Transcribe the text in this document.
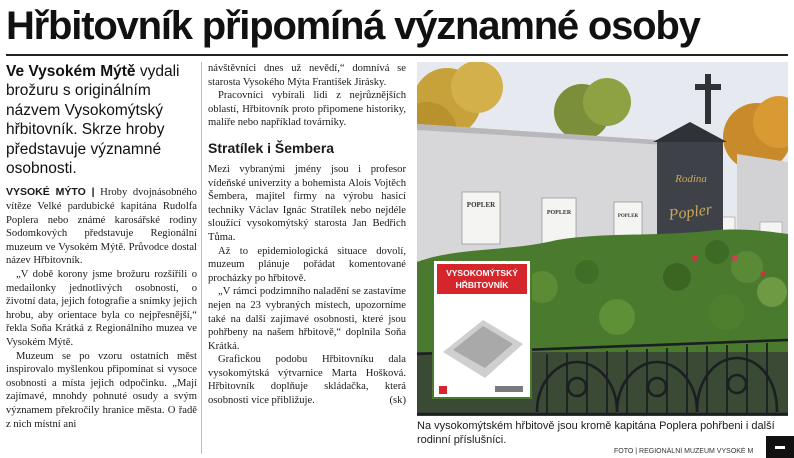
Hřbitovník připomíná významné osoby
Ve Vysokém Mýtě vydali brožuru s originálním názvem Vysokomýtský hřbitovník. Skrze hroby představuje významné osobnosti.

VYSOKÉ MÝTO | Hroby dvojnásobného vítěze Velké pardubické kapitána Rudolfa Poplera nebo známé karosářské rodiny Sodomkových představuje Regionální muzeum ve Vysokém Mýtě. Průvodce dostal název Hřbitovník.

„V době korony jsme brožuru rozšířili o medailonky jednotlivých osobností, o životní data, jejich fotografie a snímky jejich hrobu, aby orientace byla co nejpřesnější,“ řekla Soňa Krátká z Regionálního muzea ve Vysokém Mýtě.

Muzeum se po vzoru ostatních měst inspirovalo myšlenkou připomínat si vysoce osobnosti a místa jejich odpočinku. „Mají zajímavé, mnohdy pohnuté osudy a svým významem překročily hranice města. O řadě z nich místní ani

návštěvníci dnes už nevědí,“ domnívá se starosta Vysokého Mýta František Jirásky.

Pracovníci vybírali lidi z nejrůznějších oblastí, Hřbitovník proto připomene historiky, malíře nebo například továrníky.

Stratílek i Šembera

Mezi vybranými jmény jsou i profesor vídeňské univerzity a bohemista Alois Vojtěch Šembera, majitel firmy na výrobu hasicí techniky Václav Ignác Stratílek nebo nejdéle sloužící vysokomýtský starosta Jan Bedřich Tůma.

Až to epidemiologická situace dovolí, muzeum plánuje pořádat komentované procházky po hřbitově.

„V rámci podzimního naladění se zastavíme nejen na 23 vybraných místech, upozorníme také na další zajímavé osobnosti, které jsou pohřbeny na našem hřbitově,“ doplnila Soňa Krátká.

Grafickou podobu Hřbitovníku dala vysokomýtská výtvarnice Marta Hošková. Hřbitovník doplňuje skládačka, která osobnosti více přibližuje.	(sk)

POPLER
POPLER
POPLER
Rodina
Popler
VYSOKOMÝTSKÝ
HŘBITOVNÍK
Na vysokomýtském hřbitově jsou kromě kapitána Poplera pohřbeni i další rodinní příslušníci.
FOTO | REGIONÁLNÍ MUZEUM VYSOKÉ M
